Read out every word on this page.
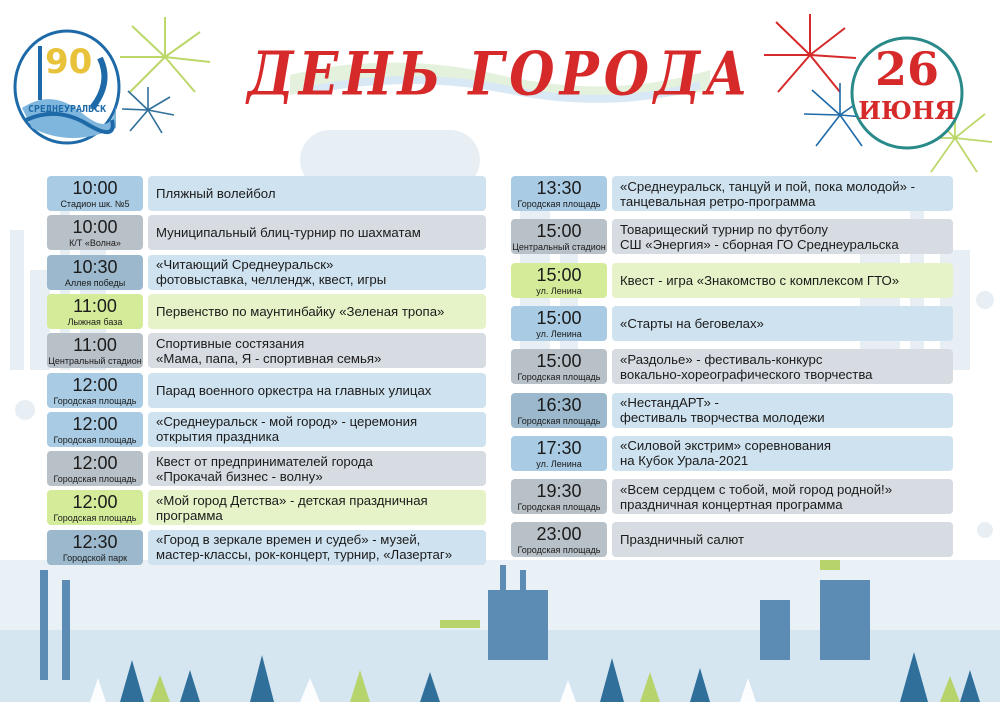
90
СРЕДНЕУРАЛЬСК
26
ИЮНЯ
ДЕНЬ ГОРОДА
10:00
Стадион шк. №5
Пляжный волейбол
10:00
К/Т «Волна»
Муниципальный блиц-турнир по шахматам
10:30
Аллея победы
«Читающий Среднеуральск»
фотовыставка, челлендж, квест, игры
11:00
Лыжная база
Первенство по маунтинбайку «Зеленая тропа»
11:00
Центральный стадион
Спортивные состязания
«Мама, папа, Я - спортивная семья»
12:00
Городская площадь
Парад военного оркестра на главных улицах
12:00
Городская площадь
«Среднеуральск - мой город» - церемония
открытия праздника
12:00
Городская площадь
Квест от предпринимателей города
«Прокачай бизнес - волну»
12:00
Городская площадь
«Мой город Детства» - детская праздничная
программа
12:30
Городской парк
«Город в зеркале времен и судеб» - музей,
мастер-классы, рок-концерт, турнир, «Лазертаг»
13:30
Городская площадь
«Среднеуральск, танцуй и пой, пока молодой» -
танцевальная ретро-программа
15:00
Центральный стадион
Товарищеский турнир по футболу
СШ «Энергия» - сборная ГО Среднеуральска
15:00
ул. Ленина
Квест - игра «Знакомство с комплексом ГТО»
15:00
ул. Ленина
«Старты на беговелах»
15:00
Городская площадь
«Раздолье» - фестиваль-конкурс
вокально-хореографического творчества
16:30
Городская площадь
«НестандАРТ» -
фестиваль творчества молодежи
17:30
ул. Ленина
«Силовой экстрим» соревнования
на Кубок Урала-2021
19:30
Городская площадь
«Всем сердцем с тобой, мой город родной!»
праздничная концертная программа
23:00
Городская площадь
Праздничный салют
